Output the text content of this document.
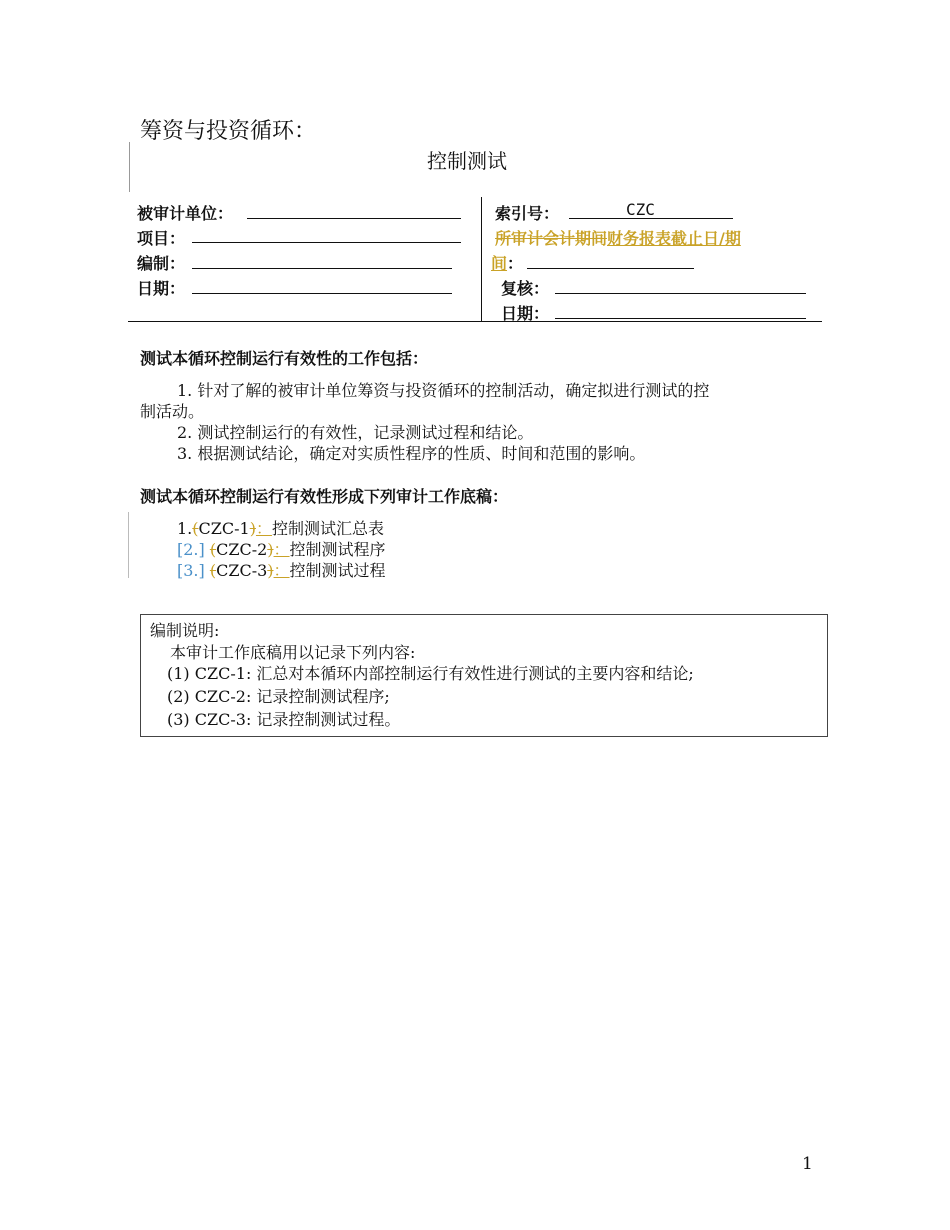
筹资与投资循环：
控制测试
被审计单位：
项目：
编制：
日期：
索引号：	CZC
所审计会计期间财务报表截止日/期
间：
复核：
日期：
测试本循环控制运行有效性的工作包括：
1. 针对了解的被审计单位筹资与投资循环的控制活动，确定拟进行测试的控
制活动。
2. 测试控制运行的有效性，记录测试过程和结论。
3. 根据测试结论，确定对实质性程序的性质、时间和范围的影响。
测试本循环控制运行有效性形成下列审计工作底稿：
1.(CZC-1)：控制测试汇总表
[2.] (CZC-2)：控制测试程序
[3.] (CZC-3)：控制测试过程
编制说明:
本审计工作底稿用以记录下列内容:
(1) CZC-1: 汇总对本循环内部控制运行有效性进行测试的主要内容和结论;
(2) CZC-2: 记录控制测试程序;
(3) CZC-3: 记录控制测试过程。
1
